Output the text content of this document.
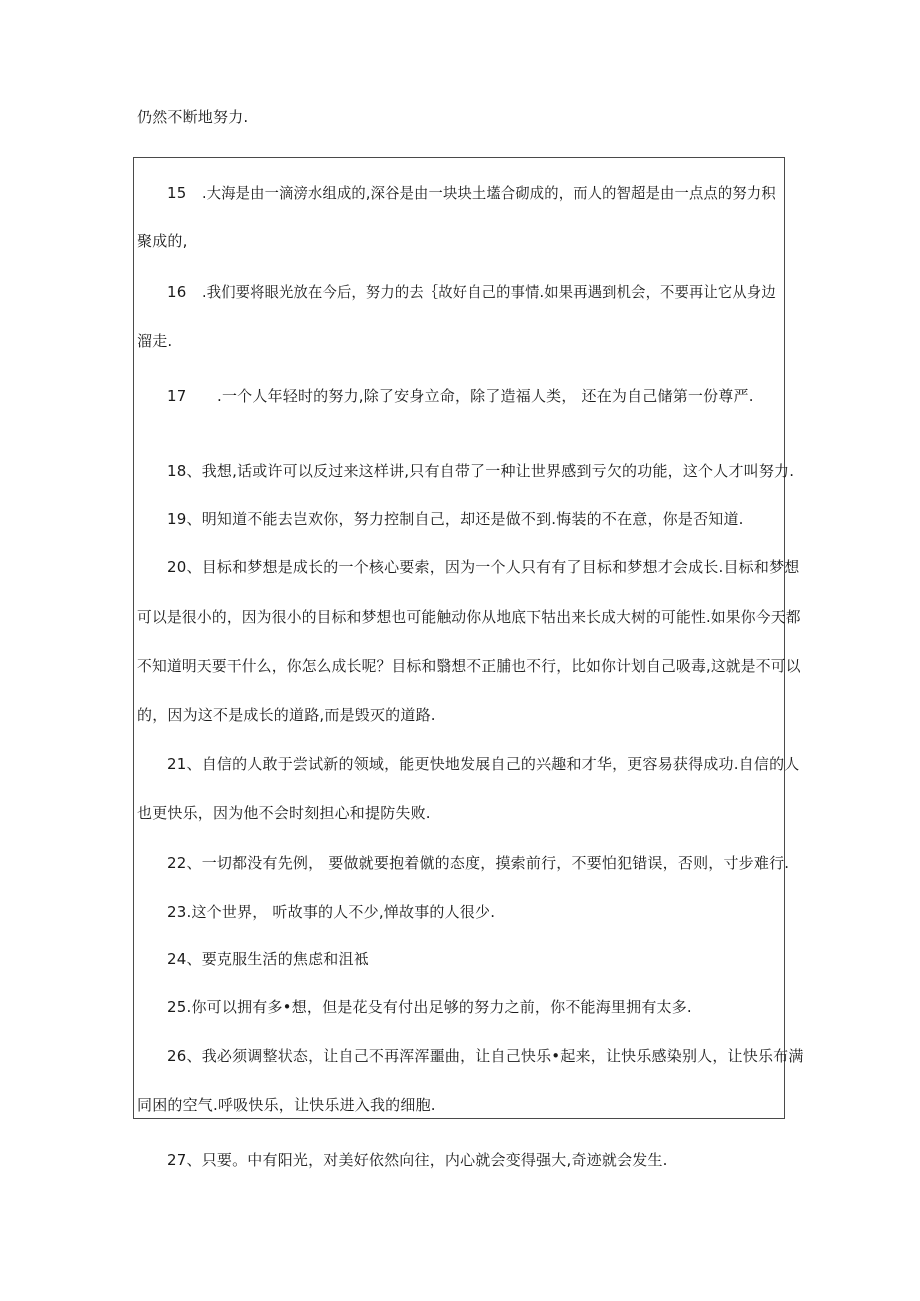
仍然不断地努力.
15 .大海是由一滴滂水组成的,深谷是由一块块土壒合砌成的，而人的智超是由一点点的努力积
聚成的,
16 .我们要将眼光放在今后，努力的去｛故好自己的事情.如果再遇到机会，不要再让它从身边
溜走.
17 .一个人年轻时的努力,除了安身立命，除了造福人类， 还在为自己储第一份尊严.
18、我想,话或许可以反过来这样讲,只有自带了一种让世界感到亏欠的功能，这个人才叫努力.
19、明知道不能去岂欢你，努力控制自己，却还是做不到.悔装的不在意，你是否知道.
20、目标和梦想是成长的一个核心要索，因为一个人只有有了目标和梦想才会成长.目标和梦想
可以是很小的，因为很小的目标和梦想也可能触动你从地底下牯出来长成大树的可能性.如果你今天都
不知道明天要干什么，你怎么成长呢？目标和翳想不正脯也不行，比如你计划自己吸毒,这就是不可以
的，因为这不是成长的道路,而是毁灭的道路.
21、自信的人敢于尝试新的领域，能更快地发展自己的兴趣和才华，更容易获得成功.自信的人
也更快乐，因为他不会时刻担心和提防失败.
22、一切都没有先例， 要做就要抱着僦的态度，摸索前行，不要怕犯错误，否则，寸步难行.
23.这个世界， 听故事的人不少,惮故事的人很少.
24、要克服生活的焦虑和沮袛
25.你可以拥有多•想，但是花殳有付出足够的努力之前，你不能海里拥有太多.
26、我必须调整状态，让自己不再浑浑噩曲，让自己快乐•起来，让快乐感染别人，让快乐布满
同困的空气.呼吸快乐，让快乐进入我的细胞.
27、只要。中有阳光，对美好依然向往，内心就会变得强大,奇迹就会发生.
